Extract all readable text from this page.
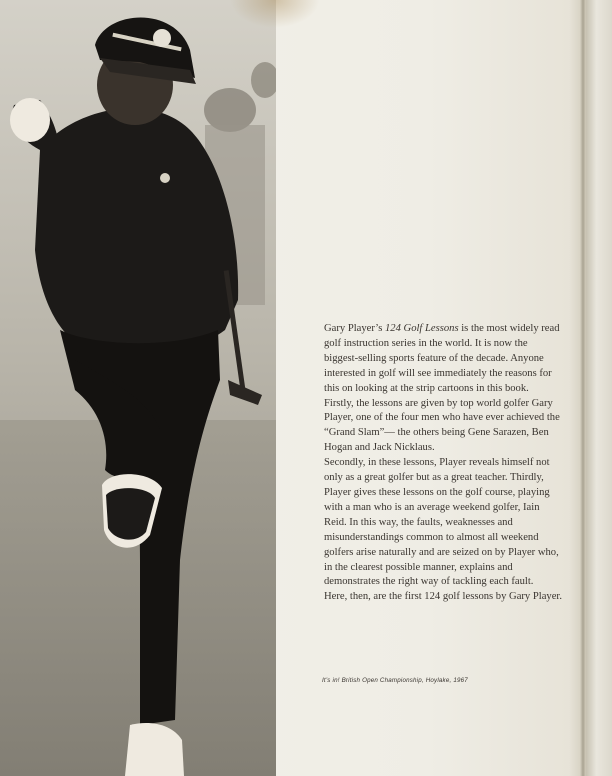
Gary Player’s 124 Golf Lessons is the most widely read golf instruction series in the world. It is now the biggest-selling sports feature of the decade. Anyone interested in golf will see immediately the reasons for this on looking at the strip cartoons in this book.

Firstly, the lessons are given by top world golfer Gary Player, one of the four men who have ever achieved the “Grand Slam”— the others being Gene Sarazen, Ben Hogan and Jack Nicklaus.

Secondly, in these lessons, Player reveals himself not only as a great golfer but as a great teacher. Thirdly, Player gives these lessons on the golf course, playing with a man who is an average weekend golfer, Iain Reid. In this way, the faults, weaknesses and misunderstandings common to almost all weekend golfers arise naturally and are seized on by Player who, in the clearest possible manner, explains and demonstrates the right way of tackling each fault.

Here, then, are the first 124 golf lessons by Gary Player.

It’s in! British Open Championship, Hoylake, 1967
